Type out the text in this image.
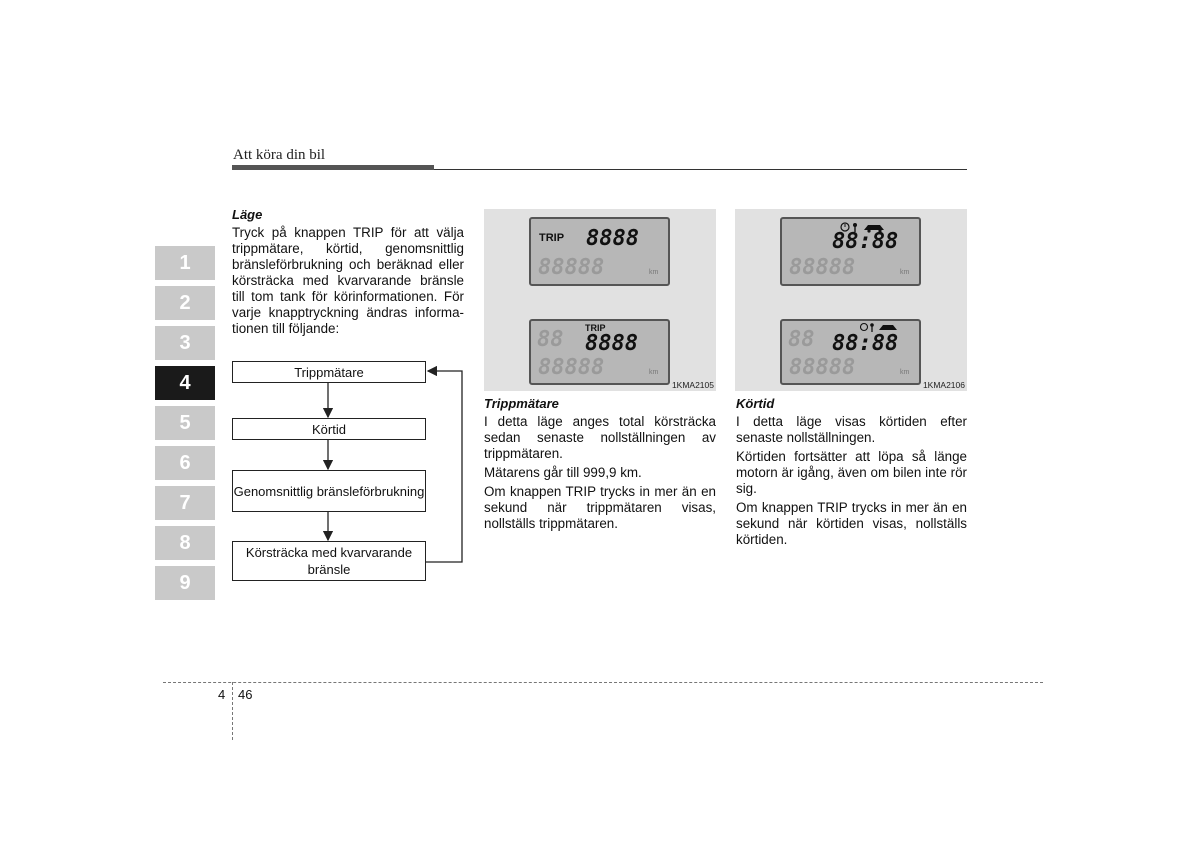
Att köra din bil
1
2
3
4
5
6
7
8
9
Läge
Tryck på knappen TRIP för att välja trippmätare, körtid, genomsnittlig bränsleförbrukning och beräknad eller körsträcka med kvarvarande bränsle till tom tank för körinformationen. För varje knapptryckning ändras informa-tionen till följande:
Trippmätare
Körtid
Genomsnittlig bränsleförbrukning
Körsträcka med kvarvarande bränsle
TRIP 8888
88888	km
88 TRIP
8888
88888	km
1KMA2105
Trippmätare

I detta läge anges total körsträcka sedan senaste nollställningen av trippmätaren.

Mätarens går till 999,9 km.

Om knappen TRIP trycks in mer än en sekund när trippmätaren visas, nollställs trippmätaren.

88:88
88888	km
88 88:88
88888	km
1KMA2106
Körtid

I detta läge visas körtiden efter senaste nollställningen.

Körtiden fortsätter att löpa så länge motorn är igång, även om bilen inte rör sig.

Om knappen TRIP trycks in mer än en sekund när körtiden visas, nollställs körtiden.

4 46
